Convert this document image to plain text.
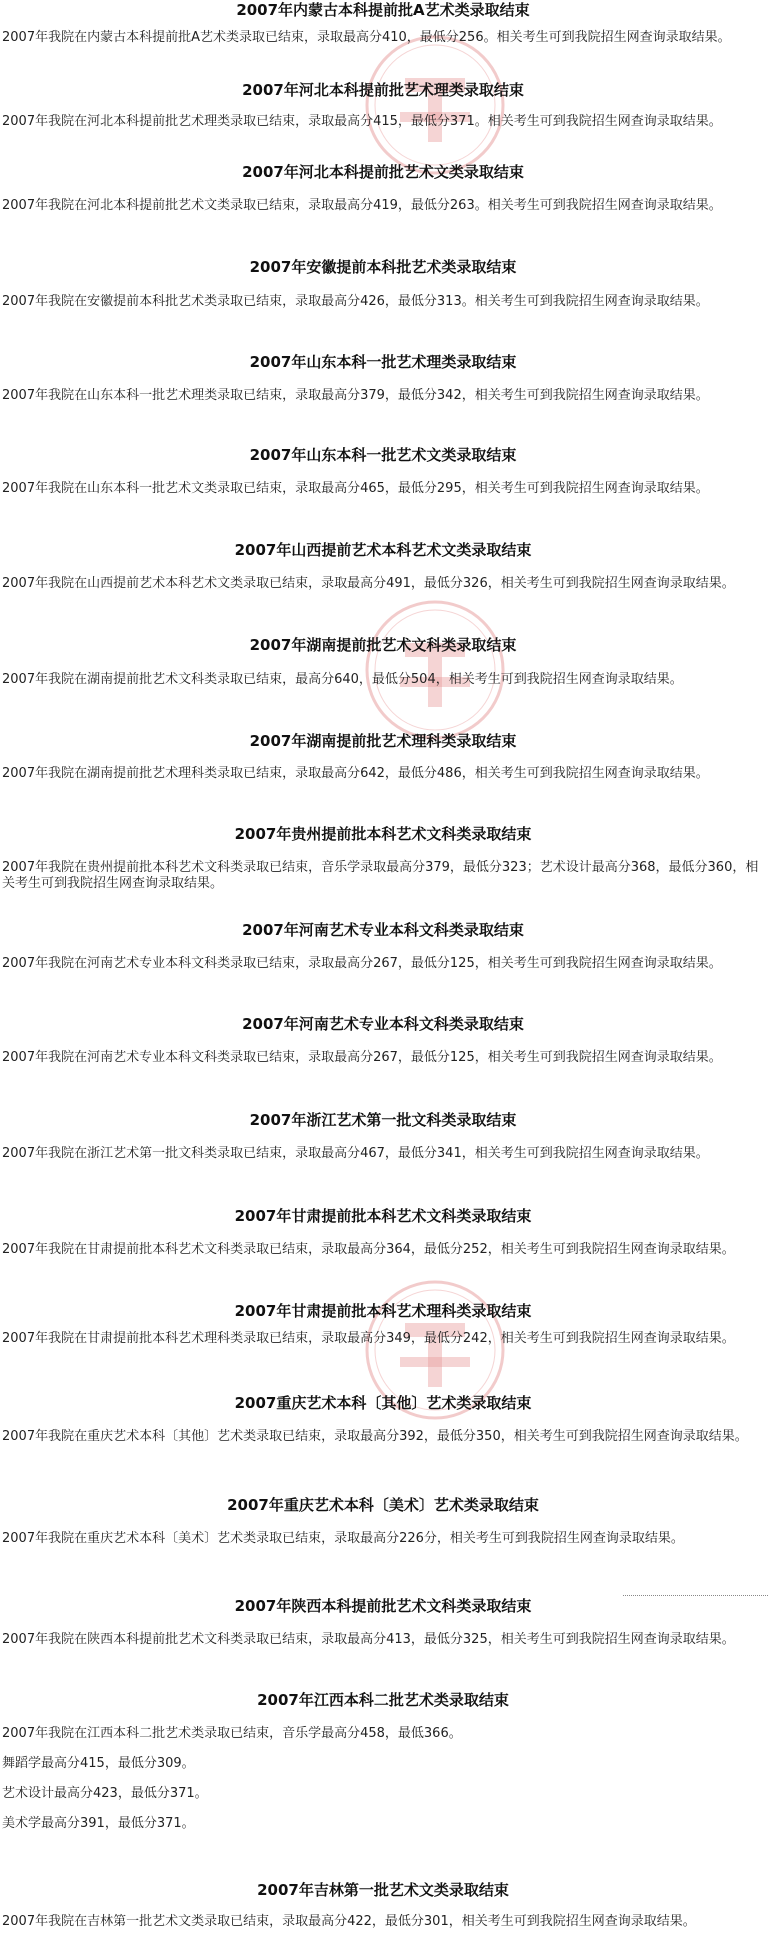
2007年内蒙古本科提前批A艺术类录取结束

2007年我院在内蒙古本科提前批A艺术类录取已结束，录取最高分410，最低分256。相关考生可到我院招生网查询录取结果。

2007年河北本科提前批艺术理类录取结束

2007年我院在河北本科提前批艺术理类录取已结束，录取最高分415，最低分371。相关考生可到我院招生网查询录取结果。

2007年河北本科提前批艺术文类录取结束

2007年我院在河北本科提前批艺术文类录取已结束，录取最高分419，最低分263。相关考生可到我院招生网查询录取结果。

2007年安徽提前本科批艺术类录取结束

2007年我院在安徽提前本科批艺术类录取已结束，录取最高分426，最低分313。相关考生可到我院招生网查询录取结果。

2007年山东本科一批艺术理类录取结束

2007年我院在山东本科一批艺术理类录取已结束，录取最高分379，最低分342，相关考生可到我院招生网查询录取结果。

2007年山东本科一批艺术文类录取结束

2007年我院在山东本科一批艺术文类录取已结束，录取最高分465，最低分295，相关考生可到我院招生网查询录取结果。

2007年山西提前艺术本科艺术文类录取结束

2007年我院在山西提前艺术本科艺术文类录取已结束，录取最高分491，最低分326，相关考生可到我院招生网查询录取结果。

2007年湖南提前批艺术文科类录取结束

2007年我院在湖南提前批艺术文科类录取已结束，最高分640，最低分504，相关考生可到我院招生网查询录取结果。

2007年湖南提前批艺术理科类录取结束

2007年我院在湖南提前批艺术理科类录取已结束，录取最高分642，最低分486，相关考生可到我院招生网查询录取结果。

2007年贵州提前批本科艺术文科类录取结束

2007年我院在贵州提前批本科艺术文科类录取已结束，音乐学录取最高分379，最低分323；艺术设计最高分368，最低分360，相关考生可到我院招生网查询录取结果。

2007年河南艺术专业本科文科类录取结束

2007年我院在河南艺术专业本科文科类录取已结束，录取最高分267，最低分125，相关考生可到我院招生网查询录取结果。

2007年河南艺术专业本科文科类录取结束

2007年我院在河南艺术专业本科文科类录取已结束，录取最高分267，最低分125，相关考生可到我院招生网查询录取结果。

2007年浙江艺术第一批文科类录取结束

2007年我院在浙江艺术第一批文科类录取已结束，录取最高分467，最低分341，相关考生可到我院招生网查询录取结果。

2007年甘肃提前批本科艺术文科类录取结束

2007年我院在甘肃提前批本科艺术文科类录取已结束，录取最高分364，最低分252，相关考生可到我院招生网查询录取结果。

2007年甘肃提前批本科艺术理科类录取结束

2007年我院在甘肃提前批本科艺术理科类录取已结束，录取最高分349，最低分242，相关考生可到我院招生网查询录取结果。

2007重庆艺术本科〔其他〕艺术类录取结束

2007年我院在重庆艺术本科〔其他〕艺术类录取已结束，录取最高分392，最低分350，相关考生可到我院招生网查询录取结果。

2007年重庆艺术本科〔美术〕艺术类录取结束

2007年我院在重庆艺术本科〔美术〕艺术类录取已结束，录取最高分226分，相关考生可到我院招生网查询录取结果。

2007年陕西本科提前批艺术文科类录取结束

2007年我院在陕西本科提前批艺术文科类录取已结束，录取最高分413，最低分325，相关考生可到我院招生网查询录取结果。

2007年江西本科二批艺术类录取结束

2007年我院在江西本科二批艺术类录取已结束，音乐学最高分458，最低366。

舞蹈学最高分415，最低分309。

艺术设计最高分423，最低分371。

美术学最高分391，最低分371。

2007年吉林第一批艺术文类录取结束

2007年我院在吉林第一批艺术文类录取已结束，录取最高分422，最低分301，相关考生可到我院招生网查询录取结果。
